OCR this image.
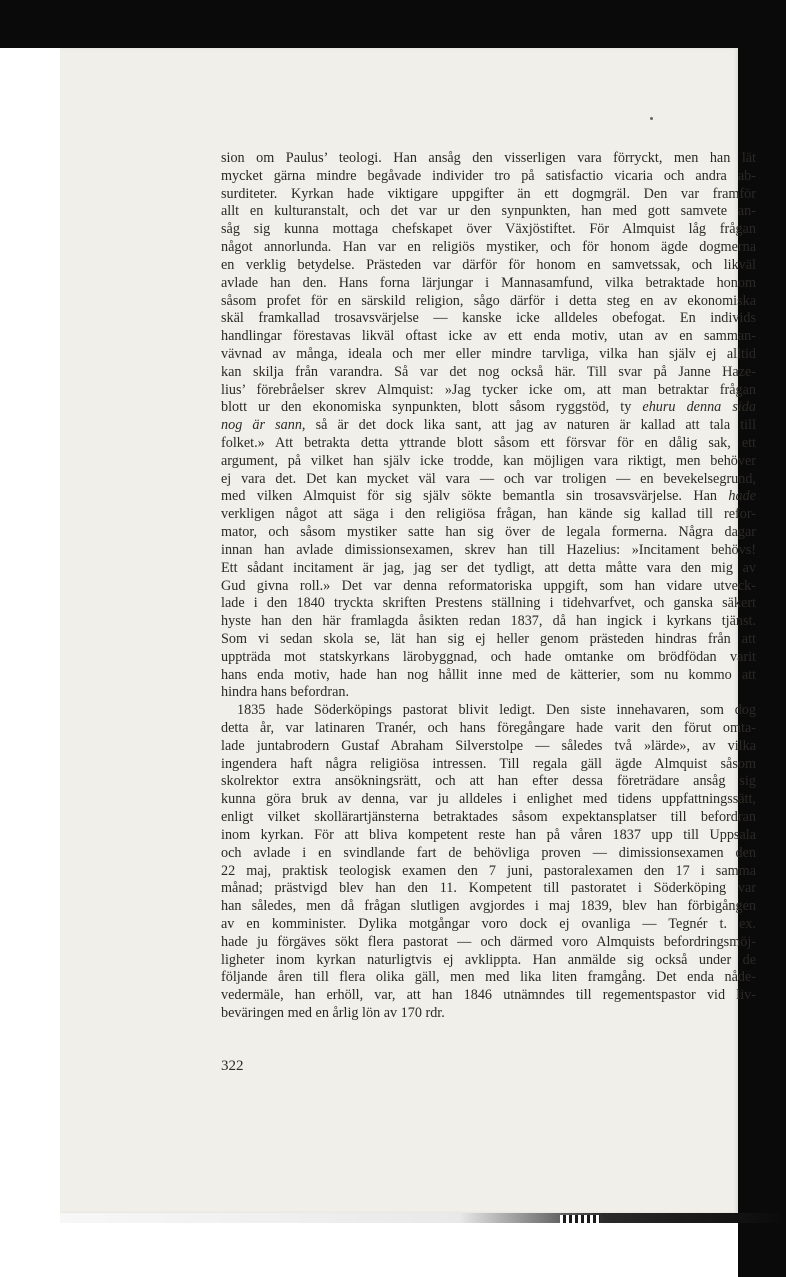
sion om Paulus’ teologi. Han ansåg den visserligen vara förryckt, men han lät
mycket gärna mindre begåvade individer tro på satisfactio vicaria och andra ab-
surditeter. Kyrkan hade viktigare uppgifter än ett dogmgräl. Den var framför
allt en kulturanstalt, och det var ur den synpunkten, han med gott samvete an-
såg sig kunna mottaga chefskapet över Växjöstiftet. För Almquist låg frågan
något annorlunda. Han var en religiös mystiker, och för honom ägde dogmerna
en verklig betydelse. Prästeden var därför för honom en samvetssak, och likväl
avlade han den. Hans forna lärjungar i Mannasamfund, vilka betraktade honom
såsom profet för en särskild religion, sågo därför i detta steg en av ekonomiska
skäl framkallad trosavsvärjelse — kanske icke alldeles obefogat. En individs
handlingar förestavas likväl oftast icke av ett enda motiv, utan av en samman-
vävnad av många, ideala och mer eller mindre tarvliga, vilka han själv ej alltid
kan skilja från varandra. Så var det nog också här. Till svar på Janne Haze-
lius’ förebråelser skrev Almquist: »Jag tycker icke om, att man betraktar frågan
blott ur den ekonomiska synpunkten, blott såsom ryggstöd, ty ehuru denna sida
nog är sann, så är det dock lika sant, att jag av naturen är kallad att tala till
folket.» Att betrakta detta yttrande blott såsom ett försvar för en dålig sak, ett
argument, på vilket han själv icke trodde, kan möjligen vara riktigt, men behöver
ej vara det. Det kan mycket väl vara — och var troligen — en bevekelsegrund,
med vilken Almquist för sig själv sökte bemantla sin trosavsvärjelse. Han hade
verkligen något att säga i den religiösa frågan, han kände sig kallad till refor-
mator, och såsom mystiker satte han sig över de legala formerna. Några dagar
innan han avlade dimissionsexamen, skrev han till Hazelius: »Incitament behövs!
Ett sådant incitament är jag, jag ser det tydligt, att detta måtte vara den mig av
Gud givna roll.» Det var denna reformatoriska uppgift, som han vidare utveck-
lade i den 1840 tryckta skriften Prestens ställning i tidehvarfvet, och ganska säkert
hyste han den här framlagda åsikten redan 1837, då han ingick i kyrkans tjänst.
Som vi sedan skola se, lät han sig ej heller genom prästeden hindras från att
uppträda mot statskyrkans lärobyggnad, och hade omtanke om brödfödan varit
hans enda motiv, hade han nog hållit inne med de kätterier, som nu kommo att
hindra hans befordran.
1835 hade Söderköpings pastorat blivit ledigt. Den siste innehavaren, som dog
detta år, var latinaren Tranér, och hans föregångare hade varit den förut omta-
lade juntabrodern Gustaf Abraham Silverstolpe — således två »lärde», av vilka
ingendera haft några religiösa intressen. Till regala gäll ägde Almquist såsom
skolrektor extra ansökningsrätt, och att han efter dessa företrädare ansåg sig
kunna göra bruk av denna, var ju alldeles i enlighet med tidens uppfattningssätt,
enligt vilket skollärartjänsterna betraktades såsom expektansplatser till befordran
inom kyrkan. För att bliva kompetent reste han på våren 1837 upp till Uppsala
och avlade i en svindlande fart de behövliga proven — dimissionsexamen den
22 maj, praktisk teologisk examen den 7 juni, pastoralexamen den 17 i samma
månad; prästvigd blev han den 11. Kompetent till pastoratet i Söderköping var
han således, men då frågan slutligen avgjordes i maj 1839, blev han förbigången
av en komminister. Dylika motgångar voro dock ej ovanliga — Tegnér t. ex.
hade ju förgäves sökt flera pastorat — och därmed voro Almquists befordringsmöj-
ligheter inom kyrkan naturligtvis ej avklippta. Han anmälde sig också under de
följande åren till flera olika gäll, men med lika liten framgång. Det enda nåde-
vedermäle, han erhöll, var, att han 1846 utnämndes till regementspastor vid liv-
beväringen med en årlig lön av 170 rdr.
322
